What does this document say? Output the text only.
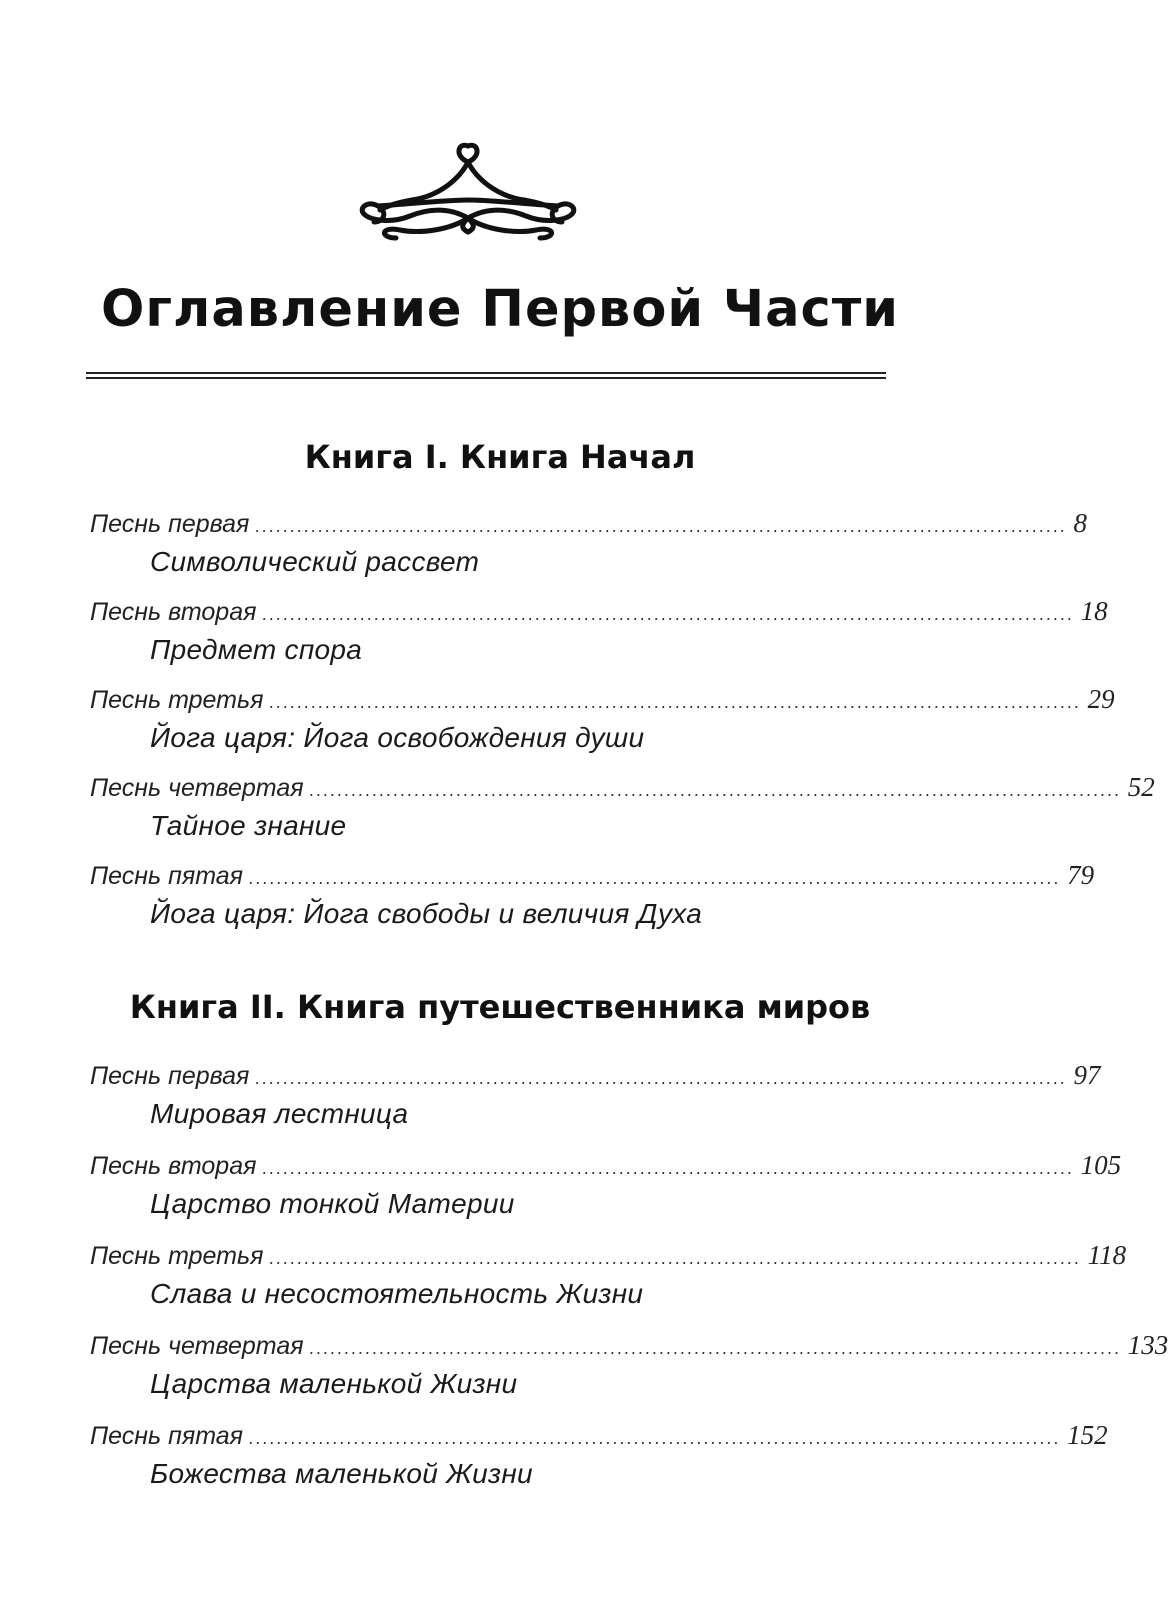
Оглавление Первой Части
Книга I. Книга Начал
Песнь первая .................................................................................................................... 8
Символический рассвет
Песнь вторая .................................................................................................................... 18
Предмет спора
Песнь третья .................................................................................................................... 29
Йога царя: Йога освобождения души
Песнь четвертая .................................................................................................................... 52
Тайное знание
Песнь пятая .................................................................................................................... 79
Йога царя: Йога свободы и величия Духа
Книга II. Книга путешественника миров
Песнь первая .................................................................................................................... 97
Мировая лестница
Песнь вторая .................................................................................................................... 105
Царство тонкой Материи
Песнь третья .................................................................................................................... 118
Слава и несостоятельность Жизни
Песнь четвертая .................................................................................................................... 133
Царства маленькой Жизни
Песнь пятая .................................................................................................................... 152
Божества маленькой Жизни
